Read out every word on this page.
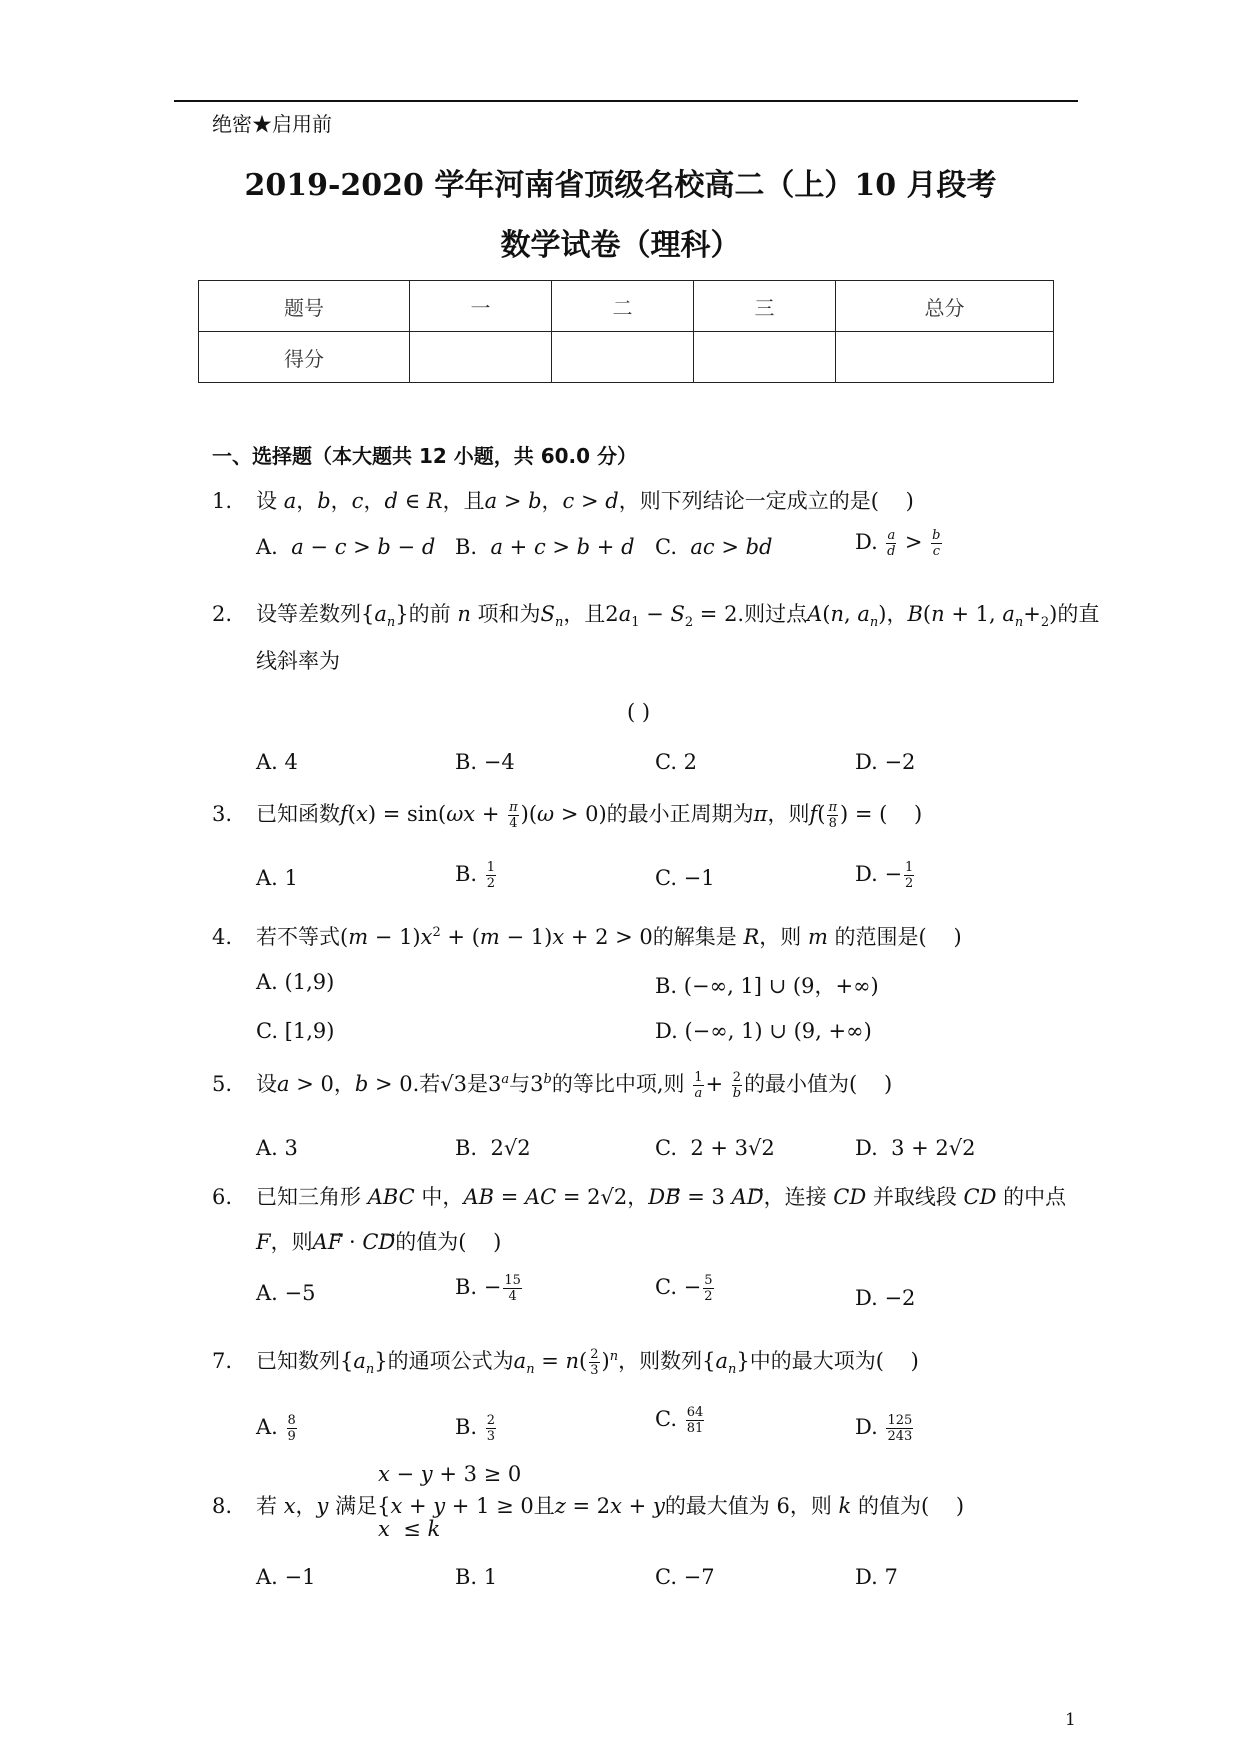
绝密★启用前
2019-2020 学年河南省顶级名校高二（上）10 月段考
数学试卷（理科）
题号	一	二	三	总分
得分				
一、选择题（本大题共 12 小题，共 60.0 分）
1. 设 a，b，c，d ∈ R，且a > b，c > d，则下列结论一定成立的是(    )
A. a − c > b − d B. a + c > b + d C. ac > bd	D. $\frac{a}{d} > \frac{b}{c}$
2. 设等差数列$\{a_n\}$的前 n 项和为$S_n$，且$2a_1 - S_2 = 2$.则过点A(n, $a_n$)，B(n + 1, $a_n+_2$)的直
线斜率为
( )
A. 4	B. −4	C. 2	D. −2
3. 已知函数$f(x) = \sin(\omega x + \frac{\pi}{4} )(\omega > 0)$的最小正周期为π，则$f( \frac{\pi}{8}$ ) = (    )
A. 1	B. $\frac{1}{2}$	C. −1	D. − $\frac{1}{2}$
4. 若不等式$(m - 1)x^2 + (m - 1)x + 2 > 0$的解集是 R，则 m 的范围是(    )
A. (1,9)	B. (−∞, 1] ∪ (9，+∞)
C. [1,9)	D. (−∞, 1) ∪ (9, +∞)
5. 设a > 0，b > 0.若√3是3$^a$与3$^b$的等比中项,则 $\frac{1}{a} + \frac{2}{b}$ 的最小值为(    )
A. 3	B.  2√2	C.  2 + 3√2	D.  3 + 2√2
6. 已知三角形 ABC 中，AB = AC = 2√2，DB⃗ = 3 AD⃗，连接 CD 并取线段 CD 的中点
F，则AF⃗ · CD⃗的值为(    )
A. −5	B. − $\frac{15}{4}$	C. − $\frac{5}{2}$	D. −2
7. 已知数列$\{a_n\}$的通项公式为$a_n = n( \frac{2}{3} )^n$，则数列$\{a_n\}$中的最大项为(    )
A. $\frac{8}{9}$	B. $\frac{2}{3}$	C. $\frac{64}{81}$	D. $\frac{125}{243}$
x − y + 3 ≥ 0
8. 若 x，y 满足{x + y + 1 ≥ 0且z = 2x + y的最大值为 6，则 k 的值为(    )
x  ≤ k
A. −1	B. 1	C. −7	D. 7
1
